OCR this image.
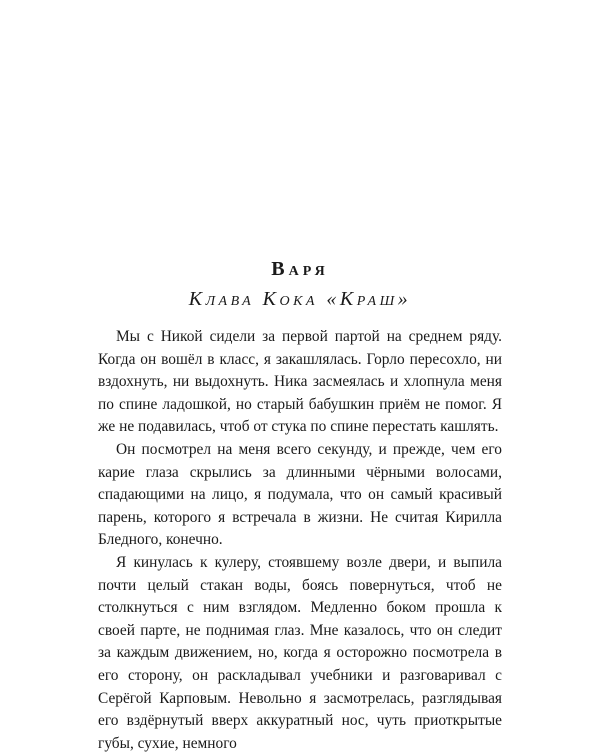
Варя
Клава Кока «Краш»

Мы с Никой сидели за первой партой на среднем ряду. Когда он вошёл в класс, я закашлялась. Горло пересохло, ни вздохнуть, ни выдохнуть. Ника засмеялась и хлопнула меня по спине ладошкой, но старый бабушкин приём не помог. Я же не подавилась, чтоб от стука по спине перестать кашлять.

Он посмотрел на меня всего секунду, и прежде, чем его карие глаза скрылись за длинными чёрными волосами, спадающими на лицо, я подумала, что он самый красивый парень, которого я встречала в жизни. Не считая Кирилла Бледного, конечно.

Я кинулась к кулеру, стоявшему возле двери, и выпила почти целый стакан воды, боясь повернуться, чтоб не столкнуться с ним взглядом. Медленно боком прошла к своей парте, не поднимая глаз. Мне казалось, что он следит за каждым движением, но, когда я осторожно посмотрела в его сторону, он раскладывал учебники и разговаривал с Серёгой Карповым. Невольно я засмотрелась, разглядывая его вздёрнутый вверх аккуратный нос, чуть приоткрытые губы, сухие, немного
